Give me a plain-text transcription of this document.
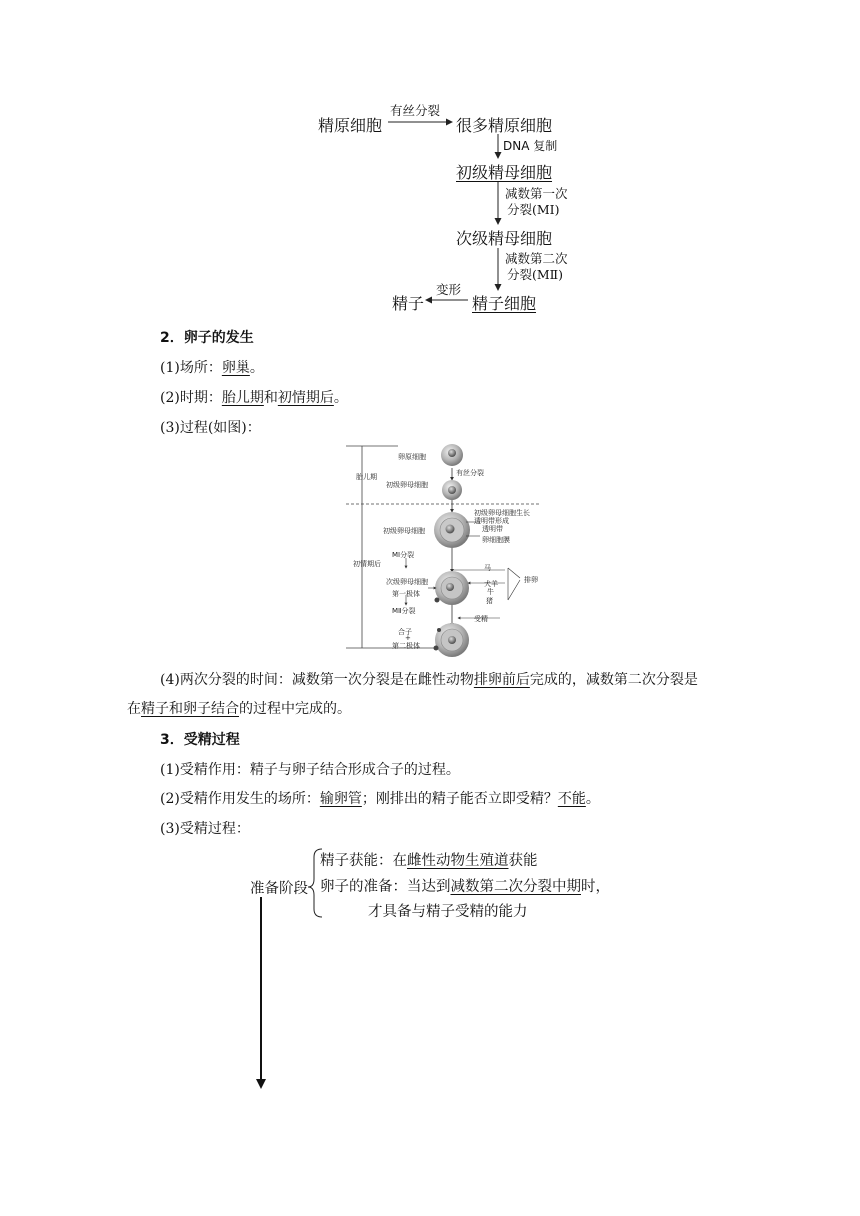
精原细胞
有丝分裂
很多精原细胞
DNA 复制
初级精母细胞
减数第一次
分裂(MⅠ)
次级精母细胞
减数第二次
分裂(MⅡ)
精子细胞
变形
精子
2．卵子的发生
(1)场所：卵巢。
(2)时期：胎儿期和初情期后。
(3)过程(如图)：
胎儿期
初情期后
卵原细胞
有丝分裂
初级卵母细胞
初级卵母细胞生长
透明带形成
透明带
卵细胞膜
初级卵母细胞
MⅠ分裂
次级卵母细胞
第一极体
MⅡ分裂
合子
+
第二极体
马
犬 羊
牛
猪
排卵
受精
(4)两次分裂的时间：减数第一次分裂是在雌性动物排卵前后完成的，减数第二次分裂是
在精子和卵子结合的过程中完成的。
3．受精过程
(1)受精作用：精子与卵子结合形成合子的过程。
(2)受精作用发生的场所：输卵管；刚排出的精子能否立即受精？不能。
(3)受精过程：
准备阶段
精子获能：在雌性动物生殖道获能
卵子的准备：当达到减数第二次分裂中期时，
才具备与精子受精的能力
